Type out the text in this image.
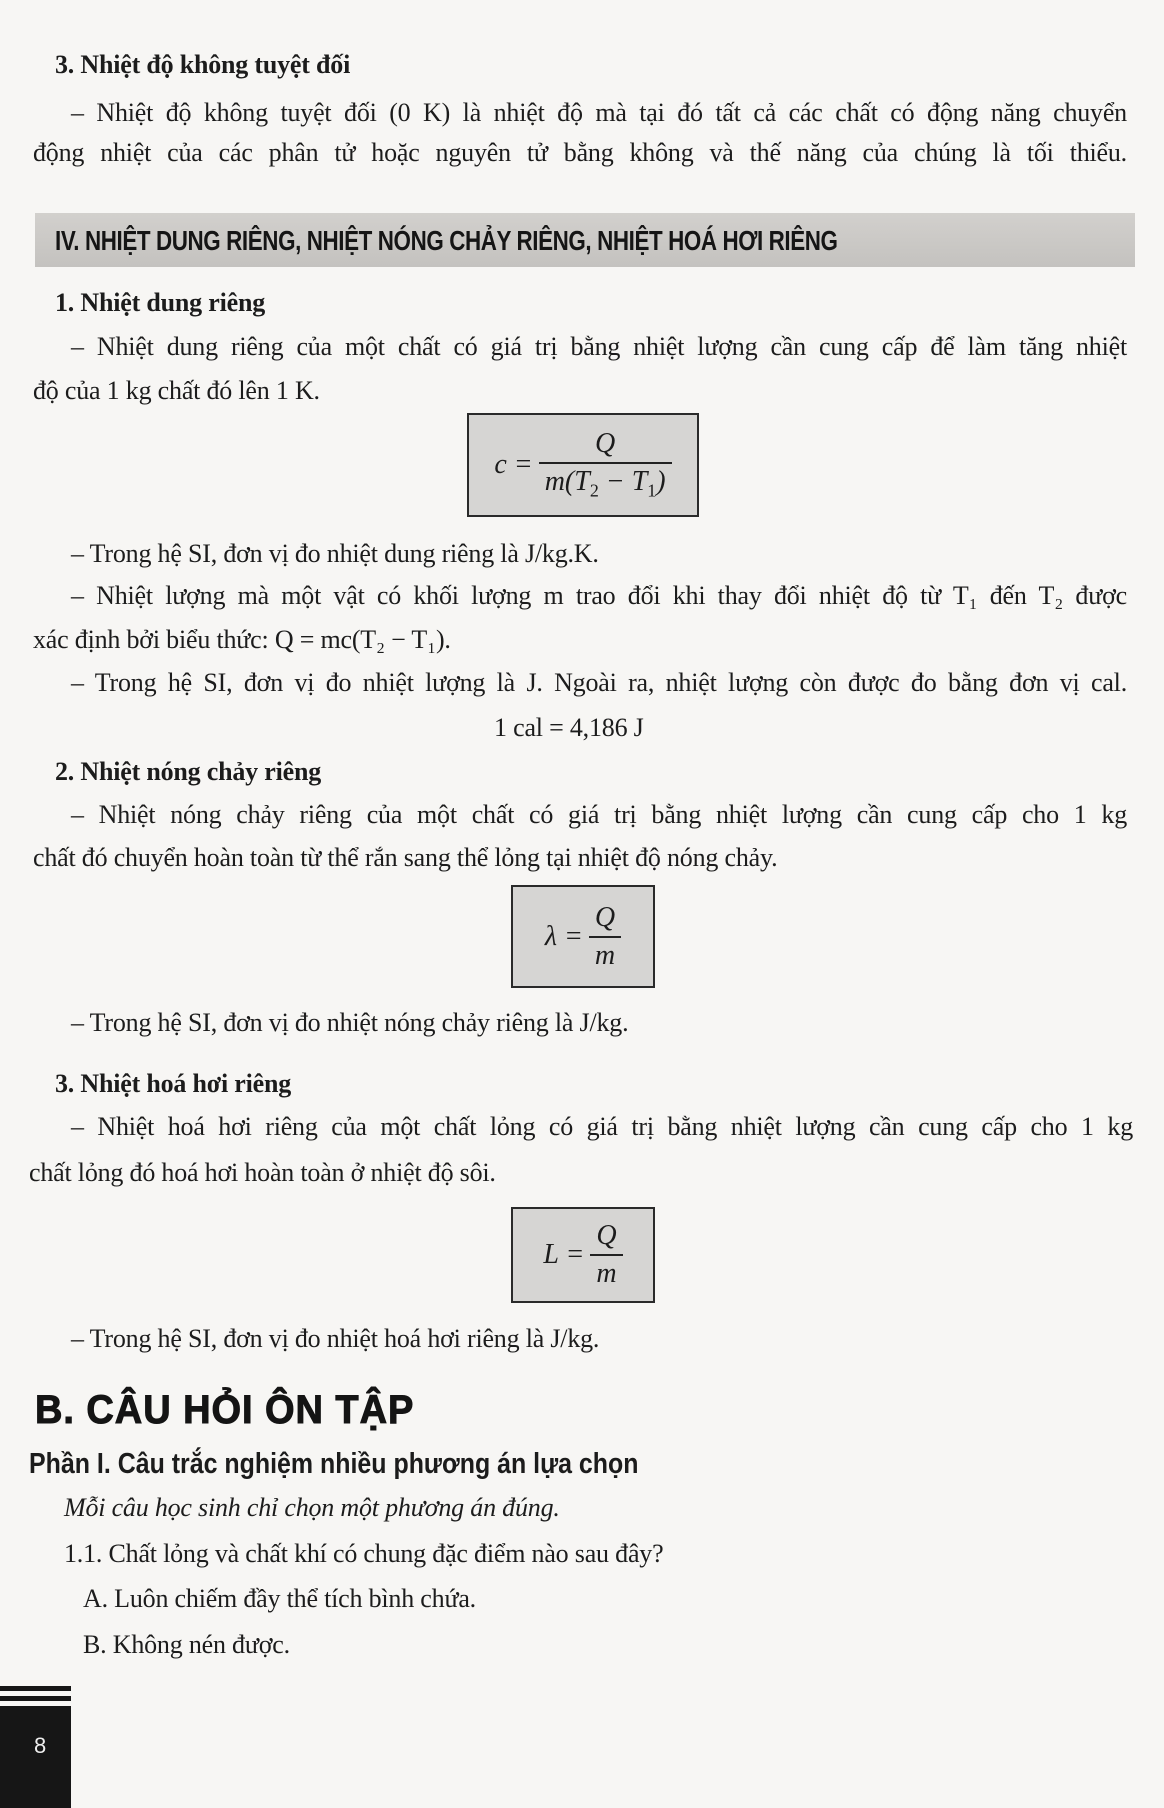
3. Nhiệt độ không tuyệt đối
– Nhiệt độ không tuyệt đối (0 K) là nhiệt độ mà tại đó tất cả các chất có động năng chuyển
động nhiệt của các phân tử hoặc nguyên tử bằng không và thế năng của chúng là tối thiểu.
IV. NHIỆT DUNG RIÊNG, NHIỆT NÓNG CHẢY RIÊNG, NHIỆT HOÁ HƠI RIÊNG
1. Nhiệt dung riêng
– Nhiệt dung riêng của một chất có giá trị bằng nhiệt lượng cần cung cấp để làm tăng nhiệt
độ của 1 kg chất đó lên 1 K.
$c = \frac{Q}{m(T_2 - T_1)}$
– Trong hệ SI, đơn vị đo nhiệt dung riêng là J/kg.K.
– Nhiệt lượng mà một vật có khối lượng m trao đổi khi thay đổi nhiệt độ từ T₁ đến T₂ được
xác định bởi biểu thức: Q = mc(T₂ − T₁).
– Trong hệ SI, đơn vị đo nhiệt lượng là J. Ngoài ra, nhiệt lượng còn được đo bằng đơn vị cal.
1 cal = 4,186 J
2. Nhiệt nóng chảy riêng
– Nhiệt nóng chảy riêng của một chất có giá trị bằng nhiệt lượng cần cung cấp cho 1 kg
chất đó chuyển hoàn toàn từ thể rắn sang thể lỏng tại nhiệt độ nóng chảy.
$\lambda = \frac{Q}{m}$
– Trong hệ SI, đơn vị đo nhiệt nóng chảy riêng là J/kg.
3. Nhiệt hoá hơi riêng
– Nhiệt hoá hơi riêng của một chất lỏng có giá trị bằng nhiệt lượng cần cung cấp cho 1 kg
chất lỏng đó hoá hơi hoàn toàn ở nhiệt độ sôi.
$L = \frac{Q}{m}$
– Trong hệ SI, đơn vị đo nhiệt hoá hơi riêng là J/kg.
B. CÂU HỎI ÔN TẬP
Phần I. Câu trắc nghiệm nhiều phương án lựa chọn
Mỗi câu học sinh chỉ chọn một phương án đúng.
1.1. Chất lỏng và chất khí có chung đặc điểm nào sau đây?
A. Luôn chiếm đầy thể tích bình chứa.
B. Không nén được.
8
